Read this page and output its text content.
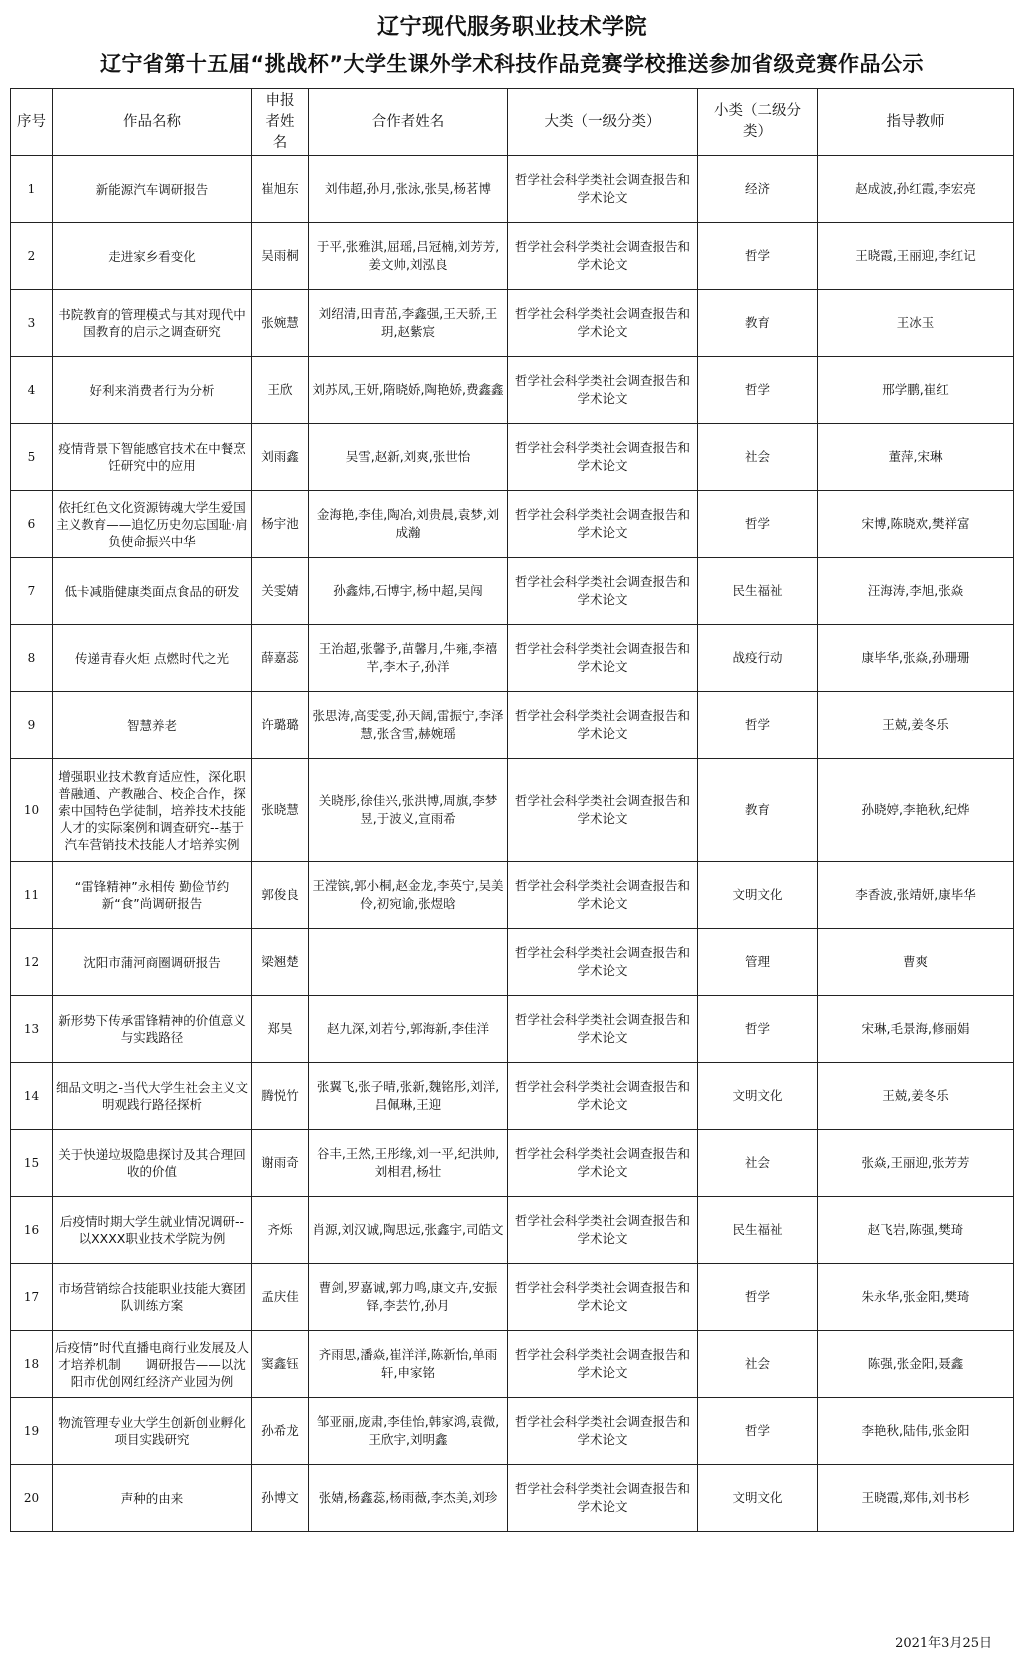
辽宁现代服务职业技术学院
辽宁省第十五届“挑战杯”大学生课外学术科技作品竞赛学校推送参加省级竞赛作品公示
序号	作品名称	申报者姓名	合作者姓名	大类（一级分类）	小类（二级分类）	指导教师
1	新能源汽车调研报告	崔旭东	刘伟超,孙月,张泳,张昊,杨茗博	哲学社会科学类社会调查报告和学术论文	经济	赵成波,孙红霞,李宏亮
2	走进家乡看变化	吴雨桐	于平,张雅淇,屈瑶,吕冠楠,刘芳芳,姜文帅,刘泓良	哲学社会科学类社会调查报告和学术论文	哲学	王晓霞,王丽迎,李红记
3	书院教育的管理模式与其对现代中国教育的启示之调查研究	张婉慧	刘绍清,田青茁,李鑫强,王天骄,王玥,赵紫宸	哲学社会科学类社会调查报告和学术论文	教育	王冰玉
4	好利来消费者行为分析	王欣	刘苏凤,王妍,隋晓娇,陶艳娇,费鑫鑫	哲学社会科学类社会调查报告和学术论文	哲学	邢学鹏,崔红
5	疫情背景下智能感官技术在中餐烹饪研究中的应用	刘雨鑫	吴雪,赵新,刘爽,张世怡	哲学社会科学类社会调查报告和学术论文	社会	董萍,宋琳
6	依托红色文化资源铸魂大学生爱国主义教育——追忆历史勿忘国耻·肩负使命振兴中华	杨宇池	金海艳,李佳,陶冶,刘贵晨,袁梦,刘成瀚	哲学社会科学类社会调查报告和学术论文	哲学	宋博,陈晓欢,樊祥富
7	低卡减脂健康类面点食品的研发	关雯婧	孙鑫炜,石博宇,杨中超,吴闯	哲学社会科学类社会调查报告和学术论文	民生福祉	汪海涛,李旭,张焱
8	传递青春火炬 点燃时代之光	薛嘉蕊	王治超,张馨予,苗馨月,牛雍,李禧芊,李木子,孙洋	哲学社会科学类社会调查报告和学术论文	战疫行动	康毕华,张焱,孙珊珊
9	智慧养老	许璐璐	张思涛,高雯雯,孙天阔,雷振宁,李泽慧,张含雪,赫婉瑶	哲学社会科学类社会调查报告和学术论文	哲学	王兢,姜冬乐
10	增强职业技术教育适应性，深化职普融通、产教融合、校企合作，探索中国特色学徒制，培养技术技能人才的实际案例和调查研究--基于汽车营销技术技能人才培养实例	张晓慧	关晓彤,徐佳兴,张洪博,周旗,李梦昱,于波义,宣雨希	哲学社会科学类社会调查报告和学术论文	教育	孙晓婷,李艳秋,纪烨
11	“雷锋精神”永相传 勤俭节约新“食”尚调研报告	郭俊良	王滢镔,郭小桐,赵金龙,李英宁,吴美伶,初宛谕,张煜晗	哲学社会科学类社会调查报告和学术论文	文明文化	李香波,张靖妍,康毕华
12	沈阳市蒲河商圈调研报告	梁翘楚		哲学社会科学类社会调查报告和学术论文	管理	曹爽
13	新形势下传承雷锋精神的价值意义与实践路径	郑昊	赵九深,刘若兮,郭海新,李佳洋	哲学社会科学类社会调查报告和学术论文	哲学	宋琳,毛景海,修丽娟
14	细品文明之-当代大学生社会主义文明观践行路径探析	腾悦竹	张翼飞,张子晴,张新,魏铭彤,刘洋,吕佩琳,王迎	哲学社会科学类社会调查报告和学术论文	文明文化	王兢,姜冬乐
15	关于快递垃圾隐患探讨及其合理回收的价值	谢雨奇	谷丰,王然,王彤缘,刘一平,纪洪帅,刘相君,杨壮	哲学社会科学类社会调查报告和学术论文	社会	张焱,王丽迎,张芳芳
16	后疫情时期大学生就业情况调研--以XXXX职业技术学院为例	齐烁	肖源,刘汉诚,陶思远,张鑫宇,司皓文	哲学社会科学类社会调查报告和学术论文	民生福祉	赵飞岩,陈强,樊琦
17	市场营销综合技能职业技能大赛团队训练方案	孟庆佳	曹剑,罗嘉诚,郭力鸣,康文卉,安振铎,李芸竹,孙月	哲学社会科学类社会调查报告和学术论文	哲学	朱永华,张金阳,樊琦
18	后疫情”时代直播电商行业发展及人才培养机制　　调研报告——以沈阳市优创网红经济产业园为例	窦鑫钰	齐雨思,潘焱,崔洋洋,陈新怡,单雨轩,申家铭	哲学社会科学类社会调查报告和学术论文	社会	陈强,张金阳,聂鑫
19	物流管理专业大学生创新创业孵化项目实践研究	孙希龙	邹亚丽,庞肃,李佳怡,韩家鸿,袁微,王欣宇,刘明鑫	哲学社会科学类社会调查报告和学术论文	哲学	李艳秋,陆伟,张金阳
20	声种的由来	孙博文	张婧,杨鑫蕊,杨雨薇,李杰美,刘珍	哲学社会科学类社会调查报告和学术论文	文明文化	王晓霞,郑伟,刘书杉
2021年3月25日
